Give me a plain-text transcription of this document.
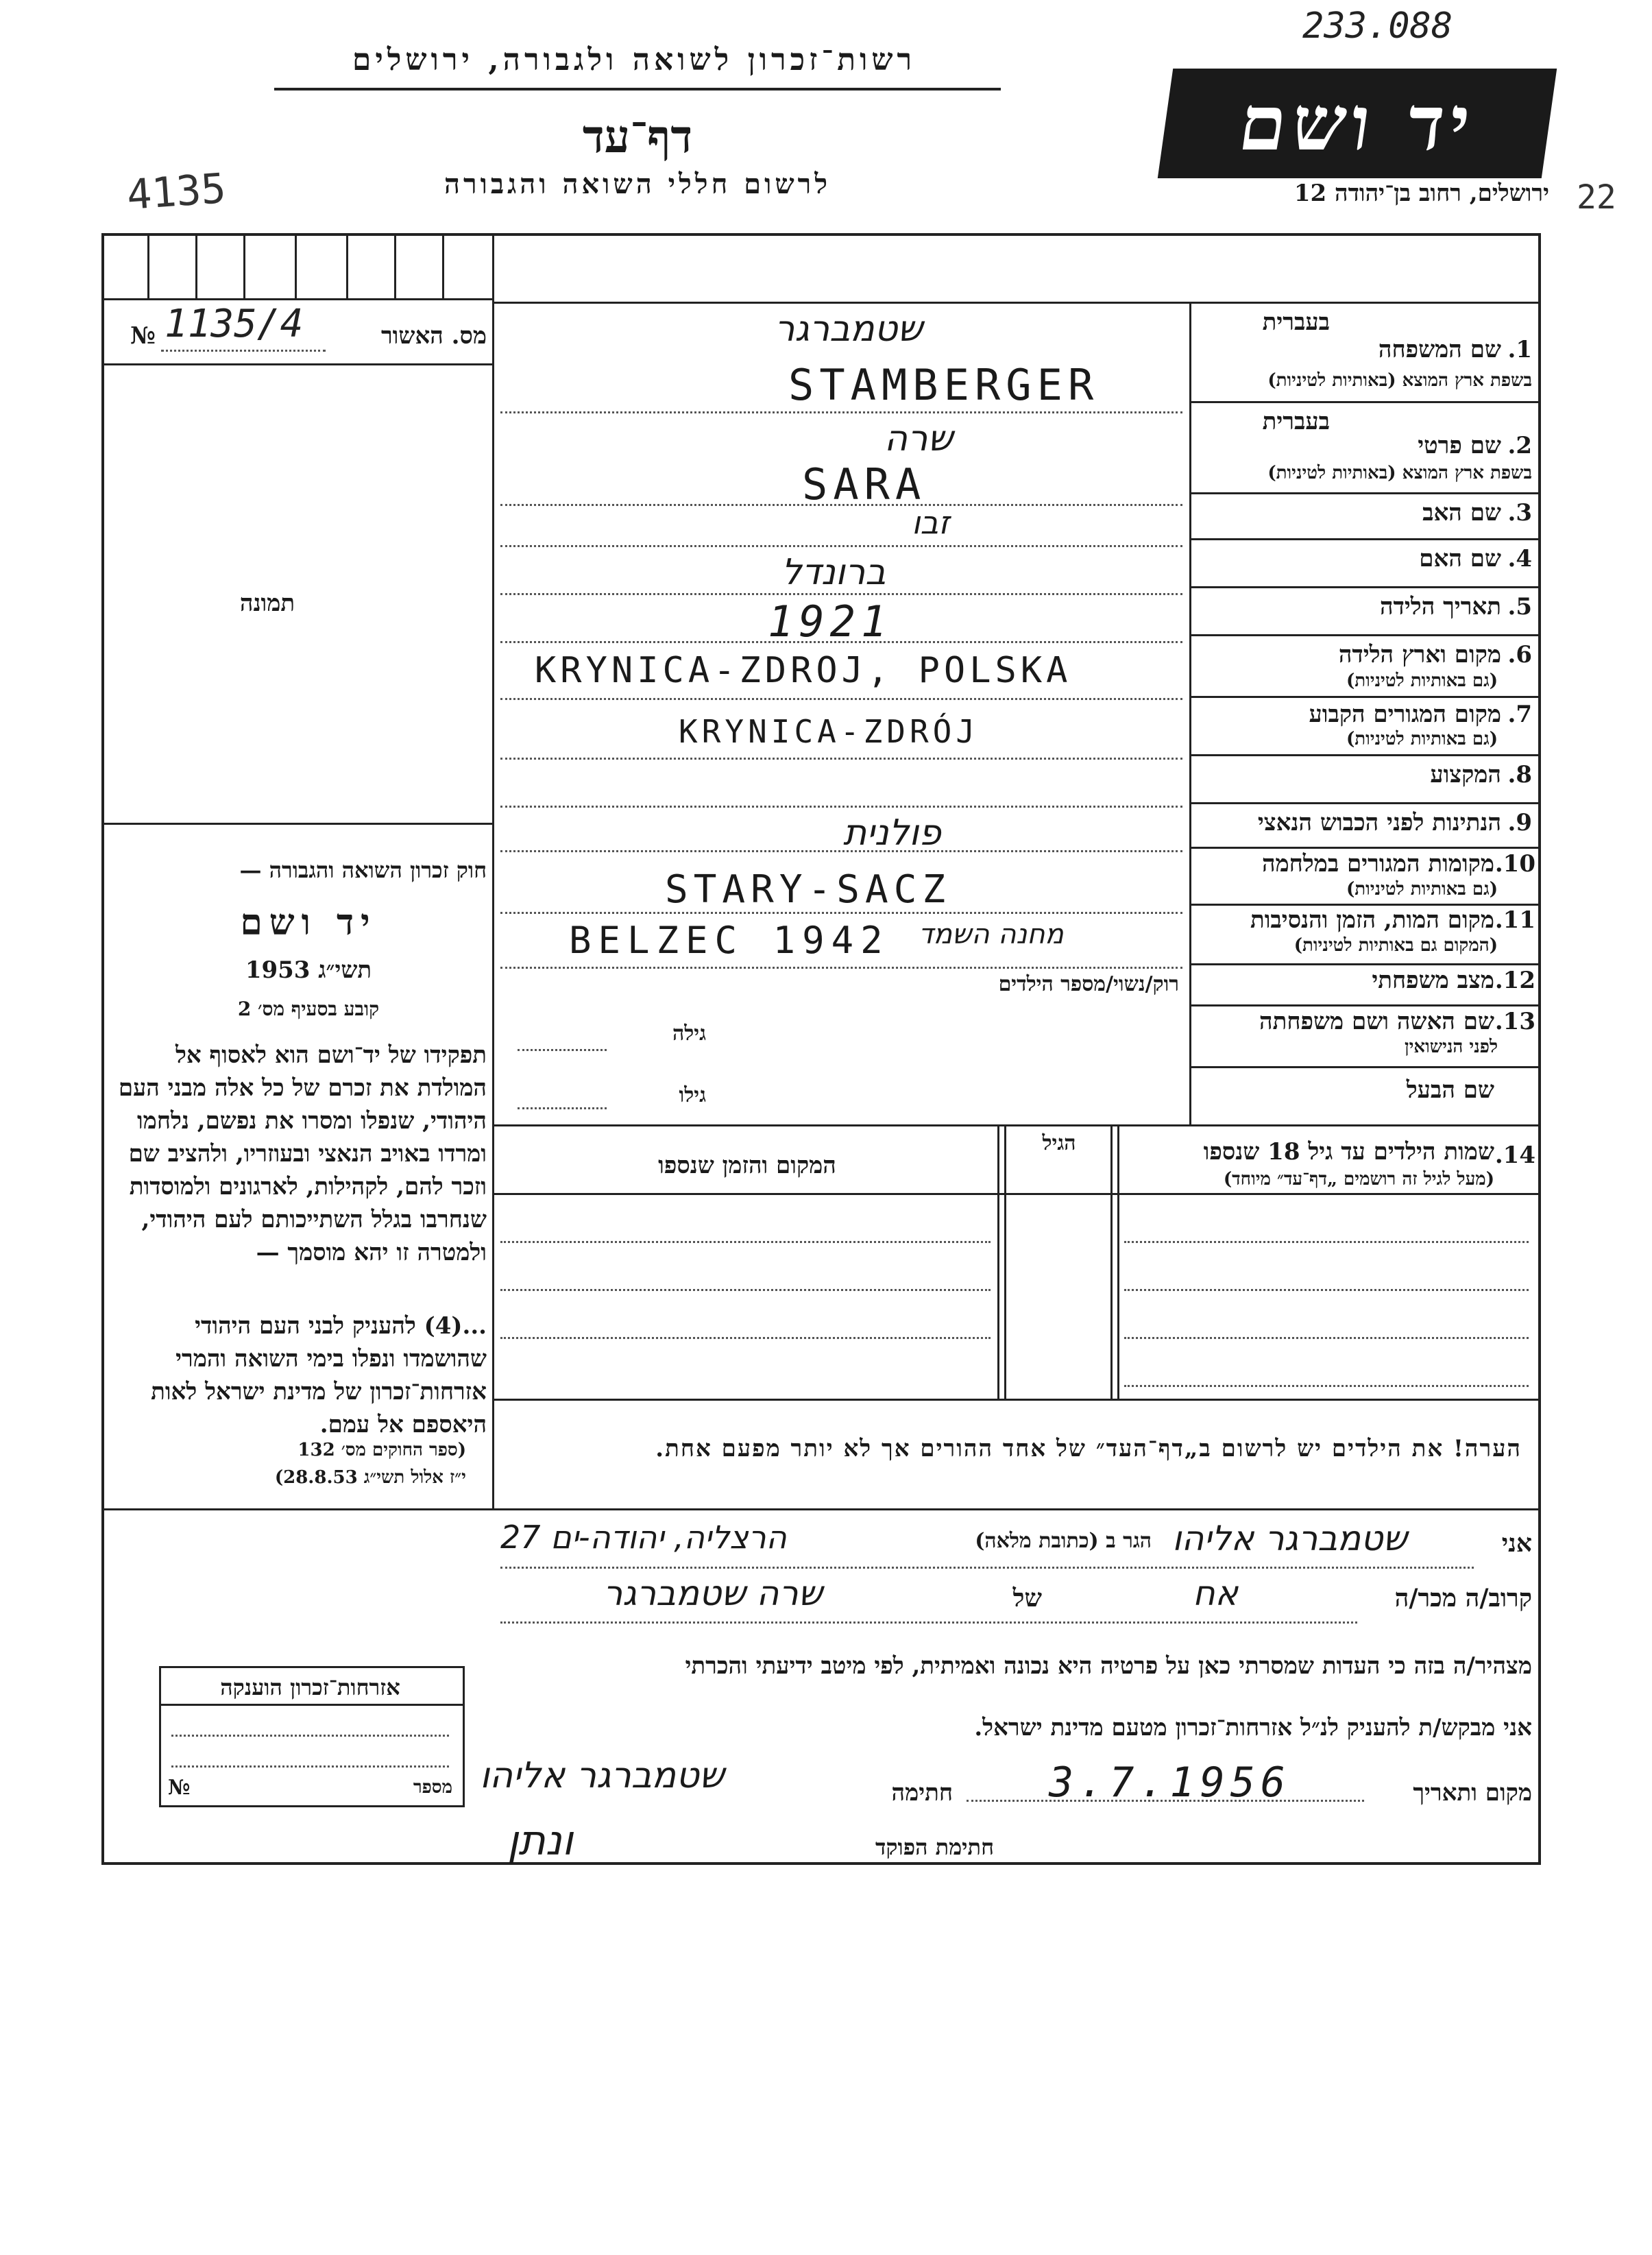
233.088
רשות־זכרון לשואה ולגבורה, ירושלים
דף־עד
לרשום חללי השואה והגבורה
יד ושם
ירושלים, רחוב בן־יהודה 12
4135	22
מס. האשור
№ 1135/4
תמונה
חוק זכרון השואה והגבורה —
יד ושם
תשי״ג 1953
קובע בסעיף מס׳ 2
תפקידו של יד־ושם הוא לאסוף אל המולדת את זכרם של כל אלה מבני העם היהודי, שנפלו ומסרו את נפשם, נלחמו ומרדו באויב הנאצי ובעוזריו, ולהציב שם וזכר להם, לקהילות, לארגונים ולמוסדות שנחרבו בגלל השתייכותם לעם היהודי, ולמטרה זו יהא מוסמך —
...(4) להעניק לבני העם היהודי שהושמדו ונפלו בימי השואה והמרי אזרחות־זכרון של מדינת ישראל לאות היאספם אל עמם.
(ספר החוקים מס׳ 132
י״ז אלול תשי״ג 28.8.53)
בעברית
1.
שם המשפחה
בשפת ארץ המוצא (באותיות לטיניות)
בעברית
2.
שם פרטי
בשפת ארץ המוצא (באותיות לטיניות)
3.
שם האב
4.
שם האם
5.
תאריך הלידה
6.
מקום וארץ הלידה
(גם באותיות לטיניות)
7.
מקום המגורים הקבוע
(גם באותיות לטיניות)
8.
המקצוע
9.
הנתינות לפני הכבוש הנאצי
10.
מקומות המגורים במלחמה
(גם באותיות לטיניות)
11.
מקום המות, הזמן והנסיבות
(המקום גם באותיות לטיניות)
12.
מצב משפחתי
13.
שם האשה ושם משפחתה
לפני הנישואין
שם הבעל
שטמברגר
STAMBERGER
שרה
SARA
זבו
ברונדל
1921
KRYNICA-ZDROJ, POLSKA
KRYNICA-ZDRÓJ
פולנית
STARY-SACZ
BELZEC 1942 מחנה השמד
רוק/נשוי/מספר הילדים
גילה
גילו
14.
שמות הילדים עד גיל 18 שנספו
(מעל לגיל זה רושמים „דף־עד״ מיוחד)
הגיל
המקום והזמן שנספו
הערה! את הילדים יש לרשום ב„דף־העד״ של אחד ההורים אך לא יותר מפעם אחת.
אני
שטמברגר אליהו
הגר ב (כתובת מלאה)
הרצליה, יהודה-ים 27
קרוב/ה מכר/ה
אח
של
שרה שטמברגר
מצהיר/ה בזה כי העדות שמסרתי כאן על פרטיה היא נכונה ואמיתית, לפי מיטב ידיעתי והכרתי
אני מבקש/ת להעניק לנ״ל אזרחות־זכרון מטעם מדינת ישראל.
מקום ותאריך
3.7.1956
חתימה
שטמברגר אליהו
חתימת הפוקד
ונתן
אזרחות־זכרון הוענקה
מספר
№
